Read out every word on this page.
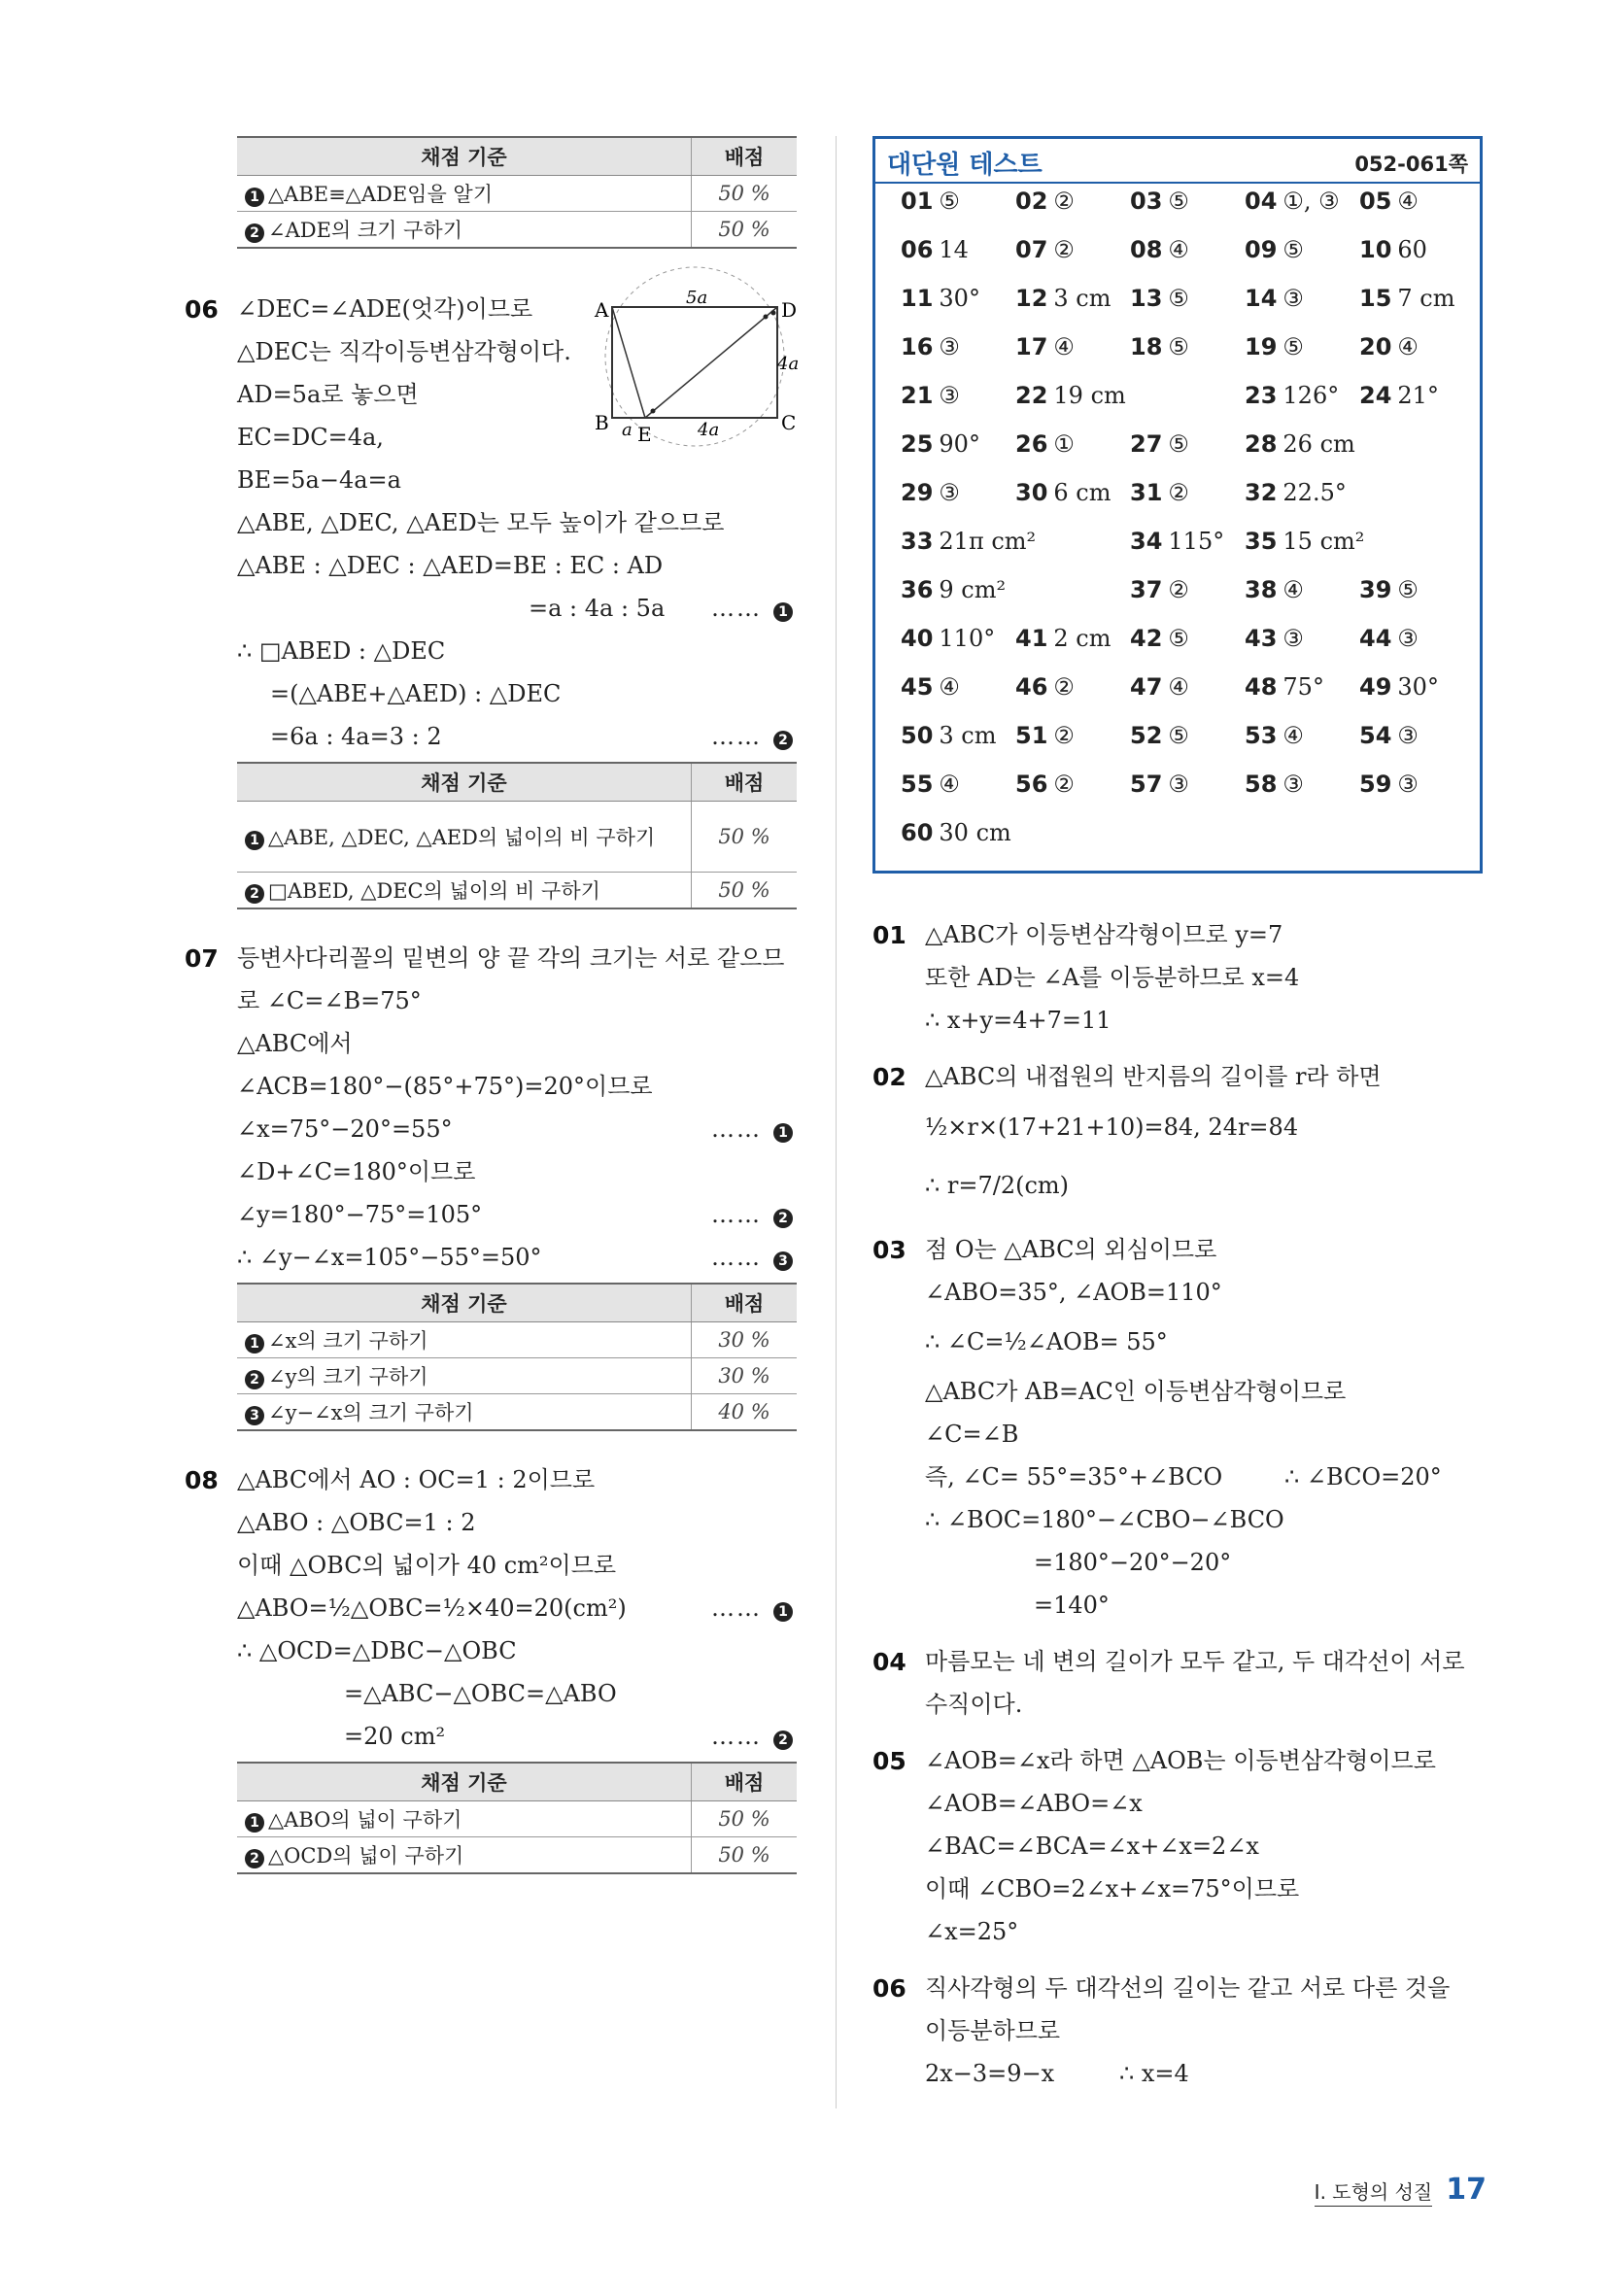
채점 기준	배점
1 △ABE≡△ADE임을 알기	50 %
2 ∠ADE의 크기 구하기	50 %
06	A	D
B	C
E
5a
4a
a	4a
∠DEC=∠ADE(엇각)이므로
△DEC는 직각이등변삼각형이다.
AD=5a로 놓으면
EC=DC=4a,
BE=5a−4a=a
△ABE, △DEC, △AED는 모두 높이가 같으므로
△ABE : △DEC : △AED=BE : EC : AD
=a : 4a : 5a …… 1
∴ □ABED : △DEC
=(△ABE+△AED) : △DEC
=6a : 4a=3 : 2	…… 2
채점 기준	배점
1 △ABE, △DEC, △AED의 넓이의 비 구하기	50 %
2 □ABED, △DEC의 넓이의 비 구하기	50 %
07 등변사다리꼴의 밑변의 양 끝 각의 크기는 서로 같으므
로 ∠C=∠B=75°
△ABC에서
∠ACB=180°−(85°+75°)=20°이므로
∠x=75°−20°=55°	…… 1
∠D+∠C=180°이므로
∠y=180°−75°=105°	…… 2
∴ ∠y−∠x=105°−55°=50°	…… 3
채점 기준	배점
1 ∠x의 크기 구하기	30 %
2 ∠y의 크기 구하기	30 %
3 ∠y−∠x의 크기 구하기	40 %
08 △ABC에서 AO : OC=1 : 2이므로
△ABO : △OBC=1 : 2
이때 △OBC의 넓이가 40 cm²이므로
△ABO=½△OBC=½×40=20(cm²)	…… 1
∴ △OCD=△DBC−△OBC
=△ABC−△OBC=△ABO
=20 cm²	…… 2
채점 기준	배점
1 △ABO의 넓이 구하기	50 %
2 △OCD의 넓이 구하기	50 %
대단원 테스트	052-061쪽
01 ⑤ 02 ② 03 ⑤ 04 ①, ③ 05 ④
06 14 07 ② 08 ④ 09 ⑤ 10 60
11 30° 12 3 cm 13 ⑤ 14 ③ 15 7 cm
16 ③ 17 ④ 18 ⑤ 19 ⑤ 20 ④
21 ③ 22 19 cm	23 126° 24 21°
25 90° 26 ① 27 ⑤ 28 26 cm
29 ③ 30 6 cm 31 ② 32 22.5°
33 21π cm²	34 115° 35 15 cm²
36 9 cm²	37 ② 38 ④ 39 ⑤
40 110° 41 2 cm 42 ⑤ 43 ③ 44 ③
45 ④ 46 ② 47 ④ 48 75° 49 30°
50 3 cm 51 ② 52 ⑤ 53 ④ 54 ③
55 ④ 56 ② 57 ③ 58 ③ 59 ③
60 30 cm
01 △ABC가 이등변삼각형이므로 y=7
또한 AD는 ∠A를 이등분하므로 x=4
∴ x+y=4+7=11
02 △ABC의 내접원의 반지름의 길이를 r라 하면
½×r×(17+21+10)=84, 24r=84
∴ r=7/2(cm)
03 점 O는 △ABC의 외심이므로
∠ABO=35°, ∠AOB=110°
∴ ∠C=½∠AOB= 55°
△ABC가 AB=AC인 이등변삼각형이므로
∠C=∠B
즉, ∠C= 55°=35°+∠BCO	∴ ∠BCO=20°
∴ ∠BOC=180°−∠CBO−∠BCO
=180°−20°−20°
=140°
04 마름모는 네 변의 길이가 모두 같고, 두 대각선이 서로
수직이다.
05 ∠AOB=∠x라 하면 △AOB는 이등변삼각형이므로
∠AOB=∠ABO=∠x
∠BAC=∠BCA=∠x+∠x=2∠x
이때 ∠CBO=2∠x+∠x=75°이므로
∠x=25°
06 직사각형의 두 대각선의 길이는 같고 서로 다른 것을
이등분하므로
2x−3=9−x	∴ x=4
Ⅰ. 도형의 성질 17
